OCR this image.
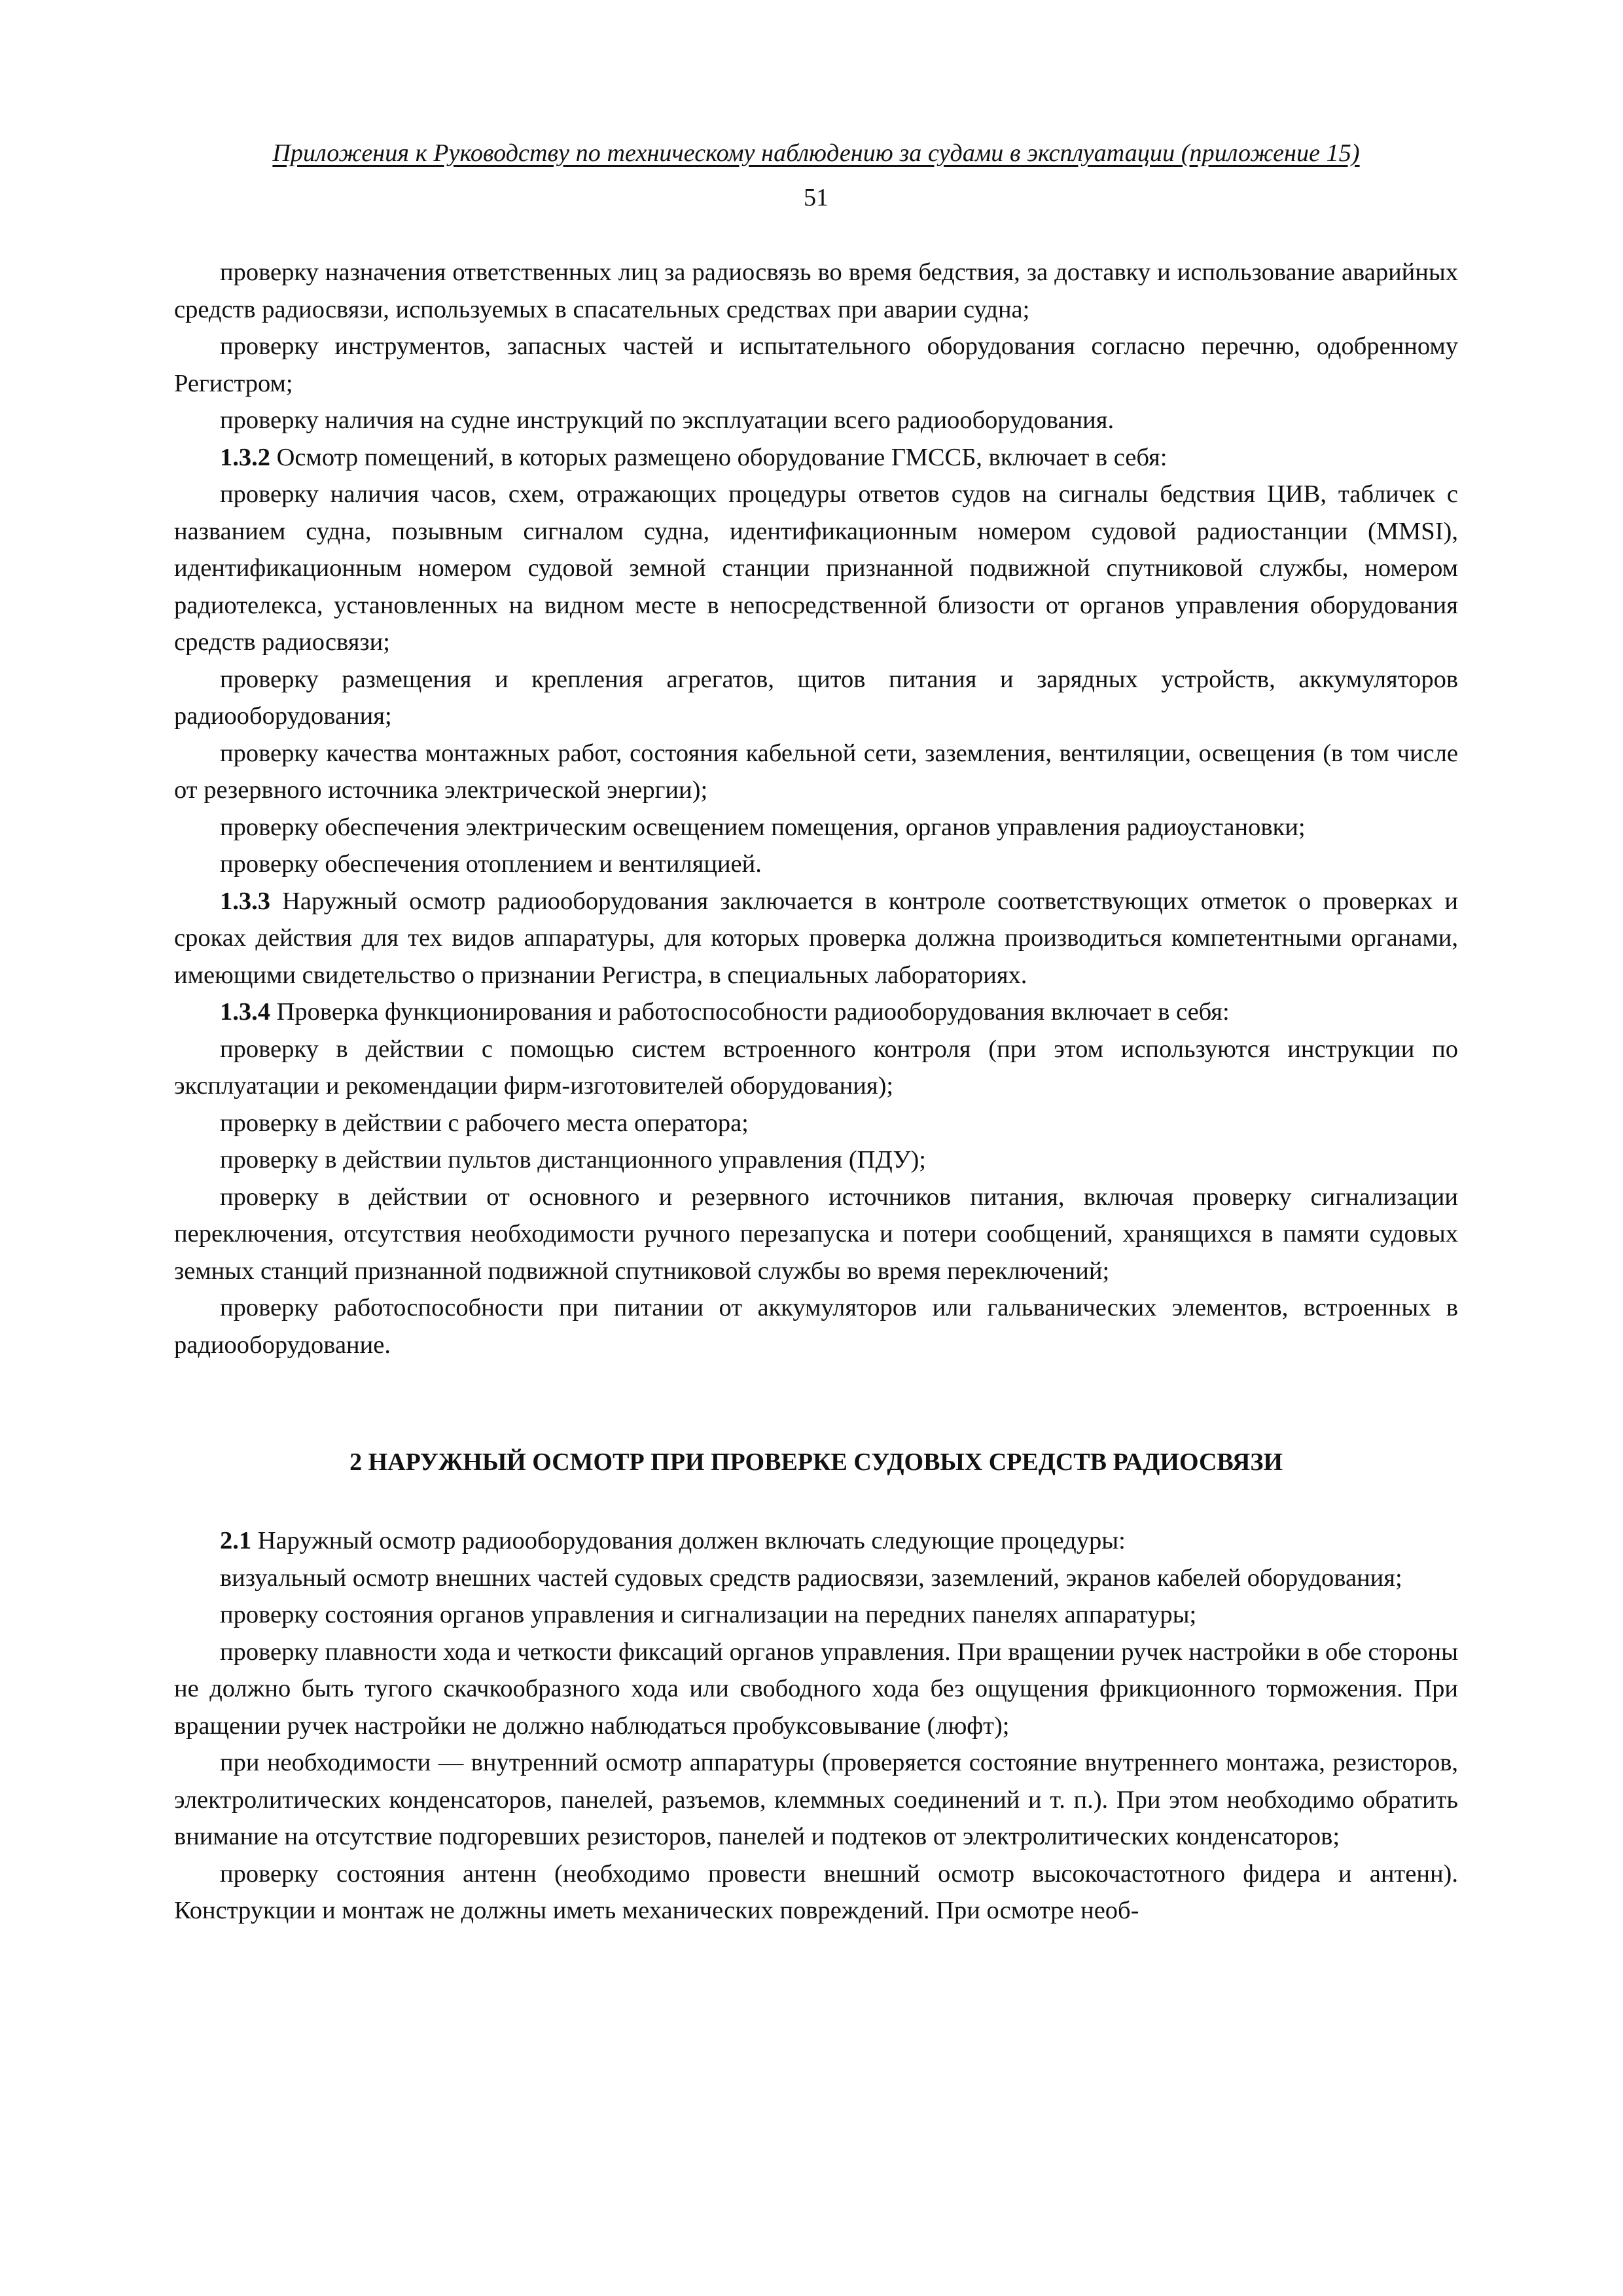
Приложения к Руководству по техническому наблюдению за судами в эксплуатации (приложение 15)
51

проверку назначения ответственных лиц за радиосвязь во время бедствия, за доставку и использование аварийных средств радиосвязи, используемых в спасательных средствах при аварии судна;

проверку инструментов, запасных частей и испытательного оборудования согласно перечню, одобренному Регистром;

проверку наличия на судне инструкций по эксплуатации всего радиооборудования.

1.3.2 Осмотр помещений, в которых размещено оборудование ГМССБ, включает в себя:

проверку наличия часов, схем, отражающих процедуры ответов судов на сигналы бедствия ЦИВ, табличек с названием судна, позывным сигналом судна, идентификационным номером судовой радиостанции (MMSI), идентификационным номером судовой земной станции признанной подвижной спутниковой службы, номером радиотелекса, установленных на видном месте в непосредственной близости от органов управления оборудования средств радиосвязи;

проверку размещения и крепления агрегатов, щитов питания и зарядных устройств, аккумуляторов радиооборудования;

проверку качества монтажных работ, состояния кабельной сети, заземления, вентиляции, освещения (в том числе от резервного источника электрической энергии);

проверку обеспечения электрическим освещением помещения, органов управления радиоустановки;

проверку обеспечения отоплением и вентиляцией.

1.3.3 Наружный осмотр радиооборудования заключается в контроле соответствующих отметок о проверках и сроках действия для тех видов аппаратуры, для которых проверка должна производиться компетентными органами, имеющими свидетельство о признании Регистра, в специальных лабораториях.

1.3.4 Проверка функционирования и работоспособности радиооборудования включает в себя:

проверку в действии с помощью систем встроенного контроля (при этом используются инструкции по эксплуатации и рекомендации фирм-изготовителей оборудования);

проверку в действии с рабочего места оператора;

проверку в действии пультов дистанционного управления (ПДУ);

проверку в действии от основного и резервного источников питания, включая проверку сигнализации переключения, отсутствия необходимости ручного перезапуска и потери сообщений, хранящихся в памяти судовых земных станций признанной подвижной спутниковой службы во время переключений;

проверку работоспособности при питании от аккумуляторов или гальванических элементов, встроенных в радиооборудование.

2 НАРУЖНЫЙ ОСМОТР ПРИ ПРОВЕРКЕ СУДОВЫХ СРЕДСТВ РАДИОСВЯЗИ

2.1 Наружный осмотр радиооборудования должен включать следующие процедуры:

визуальный осмотр внешних частей судовых средств радиосвязи, заземлений, экранов кабелей оборудования;

проверку состояния органов управления и сигнализации на передних панелях аппаратуры;

проверку плавности хода и четкости фиксаций органов управления. При вращении ручек настройки в обе стороны не должно быть тугого скачкообразного хода или свободного хода без ощущения фрикционного торможения. При вращении ручек настройки не должно наблюдаться пробуксовывание (люфт);

при необходимости — внутренний осмотр аппаратуры (проверяется состояние внутреннего монтажа, резисторов, электролитических конденсаторов, панелей, разъемов, клеммных соединений и т. п.). При этом необходимо обратить внимание на отсутствие подгоревших резисторов, панелей и подтеков от электролитических конденсаторов;

проверку состояния антенн (необходимо провести внешний осмотр высокочастотного фидера и антенн). Конструкции и монтаж не должны иметь механических повреждений. При осмотре необ-
